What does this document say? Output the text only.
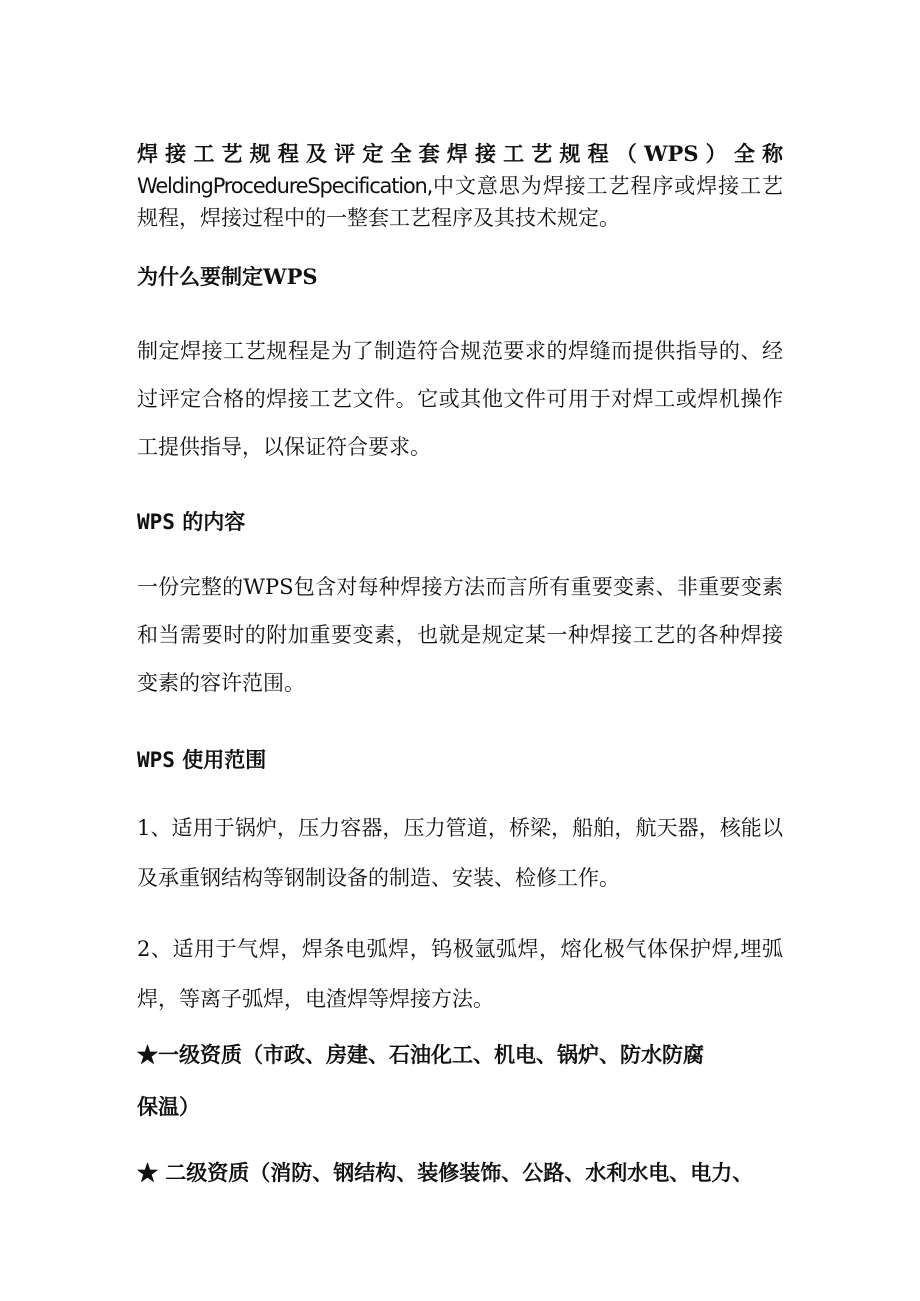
焊接工艺规程及评定全套焊接工艺规程（WPS）全称WeldingProcedureSpecification,中文意思为焊接工艺程序或焊接工艺规程，焊接过程中的一整套工艺程序及其技术规定。

为什么要制定WPS

制定焊接工艺规程是为了制造符合规范要求的焊缝而提供指导的、经过评定合格的焊接工艺文件。它或其他文件可用于对焊工或焊机操作工提供指导，以保证符合要求。

WPS 的内容

一份完整的WPS包含对每种焊接方法而言所有重要变素、非重要变素和当需要时的附加重要变素，也就是规定某一种焊接工艺的各种焊接变素的容许范围。

WPS 使用范围

1、适用于锅炉，压力容器，压力管道，桥梁，船舶，航天器，核能以及承重钢结构等钢制设备的制造、安装、检修工作。

2、适用于气焊，焊条电弧焊，钨极氩弧焊，熔化极气体保护焊,埋弧焊，等离子弧焊，电渣焊等焊接方法。

★一级资质（市政、房建、石油化工、机电、锅炉、防水防腐
保温）

★ 二级资质（消防、钢结构、装修装饰、公路、水利水电、电力、
